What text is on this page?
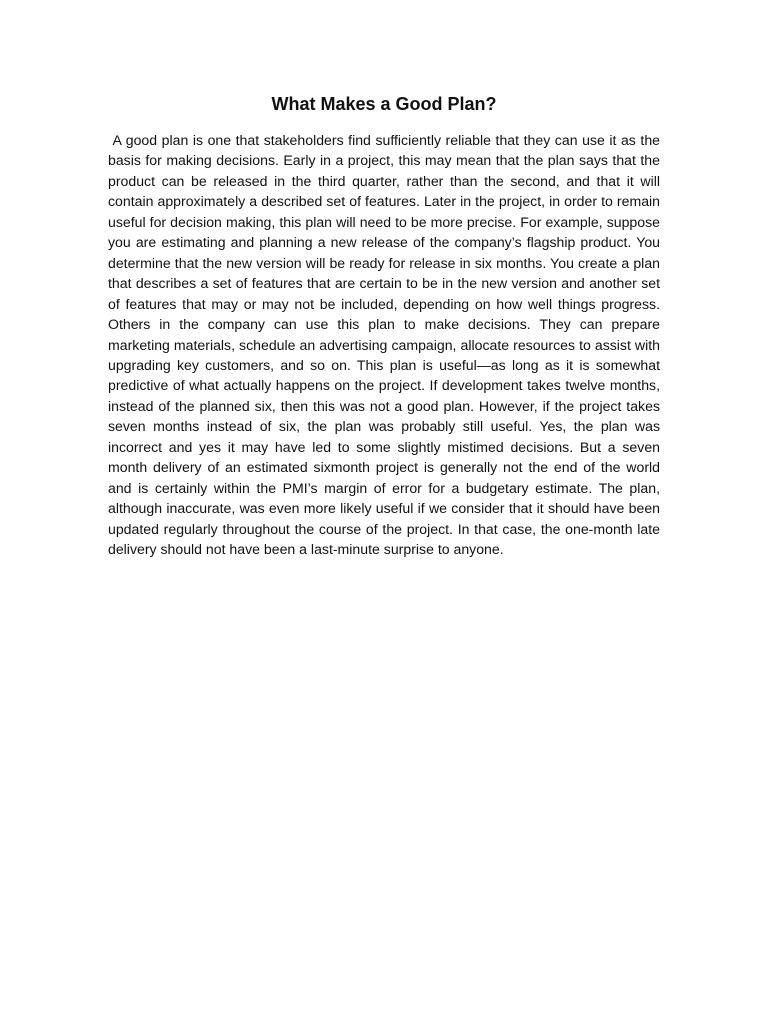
What Makes a Good Plan?

A good plan is one that stakeholders find sufficiently reliable that they can use it as the basis for making decisions. Early in a project, this may mean that the plan says that the product can be released in the third quarter, rather than the second, and that it will contain approximately a described set of features. Later in the project, in order to remain useful for decision making, this plan will need to be more precise. For example, suppose you are estimating and planning a new release of the company’s flagship product. You determine that the new version will be ready for release in six months. You create a plan that describes a set of features that are certain to be in the new version and another set of features that may or may not be included, depending on how well things progress. Others in the company can use this plan to make decisions. They can prepare marketing materials, schedule an advertising campaign, allocate resources to assist with upgrading key customers, and so on. This plan is useful—as long as it is somewhat predictive of what actually happens on the project. If development takes twelve months, instead of the planned six, then this was not a good plan. However, if the project takes seven months instead of six, the plan was probably still useful. Yes, the plan was incorrect and yes it may have led to some slightly mistimed decisions. But a seven month delivery of an estimated sixmonth project is generally not the end of the world and is certainly within the PMI’s margin of error for a budgetary estimate. The plan, although inaccurate, was even more likely useful if we consider that it should have been updated regularly throughout the course of the project. In that case, the one-month late delivery should not have been a last-minute surprise to anyone.
